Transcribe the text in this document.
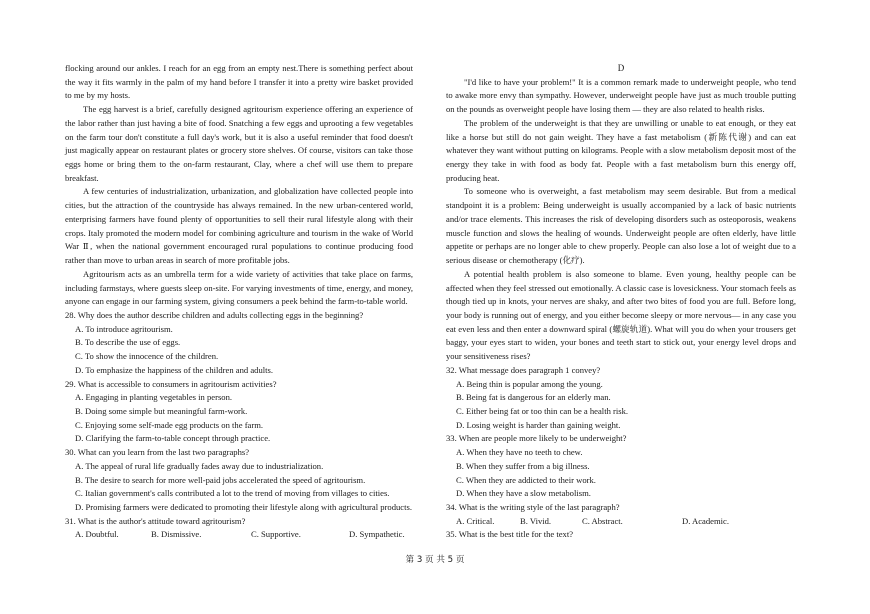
flocking around our ankles. I reach for an egg from an empty nest.There is something perfect about the way it fits warmly in the palm of my hand before I transfer it into a pretty wire basket provided to me by my hosts.

The egg harvest is a brief, carefully designed agritourism experience offering an experience of the labor rather than just having a bite of food. Snatching a few eggs and uprooting a few vegetables on the farm tour don't constitute a full day's work, but it is also a useful reminder that food doesn't just magically appear on restaurant plates or grocery store shelves. Of course, visitors can take those eggs home or bring them to the on-farm restaurant, Clay, where a chef will use them to prepare breakfast.

A few centuries of industrialization, urbanization, and globalization have collected people into cities, but the attraction of the countryside has always remained. In the new urban-centered world, enterprising farmers have found plenty of opportunities to sell their rural lifestyle along with their crops. Italy promoted the modern model for combining agriculture and tourism in the wake of World War Ⅱ, when the national government encouraged rural populations to continue producing food rather than move to urban areas in search of more profitable jobs.

Agritourism acts as an umbrella term for a wide variety of activities that take place on farms, including farmstays, where guests sleep on-site. For varying investments of time, energy, and money, anyone can engage in our farming system, giving consumers a peek behind the farm-to-table world.

28. Why does the author describe children and adults collecting eggs in the beginning?

A. To introduce agritourism.

B. To describe the use of eggs.

C. To show the innocence of the children.

D. To emphasize the happiness of the children and adults.

29. What is accessible to consumers in agritourism activities?

A. Engaging in planting vegetables in person.

B. Doing some simple but meaningful farm-work.

C. Enjoying some self-made egg products on the farm.

D. Clarifying the farm-to-table concept through practice.

30. What can you learn from the last two paragraphs?

A. The appeal of rural life gradually fades away due to industrialization.

B. The desire to search for more well-paid jobs accelerated the speed of agritourism.

C. Italian government's calls contributed a lot to the trend of moving from villages to cities.

D. Promising farmers were dedicated to promoting their lifestyle along with agricultural products.

31. What is the author's attitude toward agritourism?

A. Doubtful.	B. Dismissive.	C. Supportive.	D. Sympathetic.

D

"I'd like to have your problem!" It is a common remark made to underweight people, who tend to awake more envy than sympathy. However, underweight people have just as much trouble putting on the pounds as overweight people have losing them — they are also related to health risks.

The problem of the underweight is that they are unwilling or unable to eat enough, or they eat like a horse but still do not gain weight. They have a fast metabolism (新陈代谢) and can eat whatever they want without putting on kilograms. People with a slow metabolism deposit most of the energy they take in with food as body fat. People with a fast metabolism burn this energy off, producing heat.

To someone who is overweight, a fast metabolism may seem desirable. But from a medical standpoint it is a problem: Being underweight is usually accompanied by a lack of basic nutrients and/or trace elements. This increases the risk of developing disorders such as osteoporosis, weakens muscle function and slows the healing of wounds. Underweight people are often elderly, have little appetite or perhaps are no longer able to chew properly. People can also lose a lot of weight due to a serious disease or chemotherapy (化疗).

A potential health problem is also someone to blame. Even young, healthy people can be affected when they feel stressed out emotionally. A classic case is lovesickness. Your stomach feels as though tied up in knots, your nerves are shaky, and after two bites of food you are full. Before long, your body is running out of energy, and you either become sleepy or more nervous— in any case you eat even less and then enter a downward spiral (螺旋轨道). What will you do when your trousers get baggy, your eyes start to widen, your bones and teeth start to stick out, your energy level drops and your sensitiveness rises?

32. What message does paragraph 1 convey?

A. Being thin is popular among the young.

B. Being fat is dangerous for an elderly man.

C. Either being fat or too thin can be a health risk.

D. Losing weight is harder than gaining weight.

33. When are people more likely to be underweight?

A. When they have no teeth to chew.

B. When they suffer from a big illness.

C. When they are addicted to their work.

D. When they have a slow metabolism.

34. What is the writing style of the last paragraph?

A. Critical.	B. Vivid.	C. Abstract.	D. Academic.

35. What is the best title for the text?

第 3 页 共 5 页
